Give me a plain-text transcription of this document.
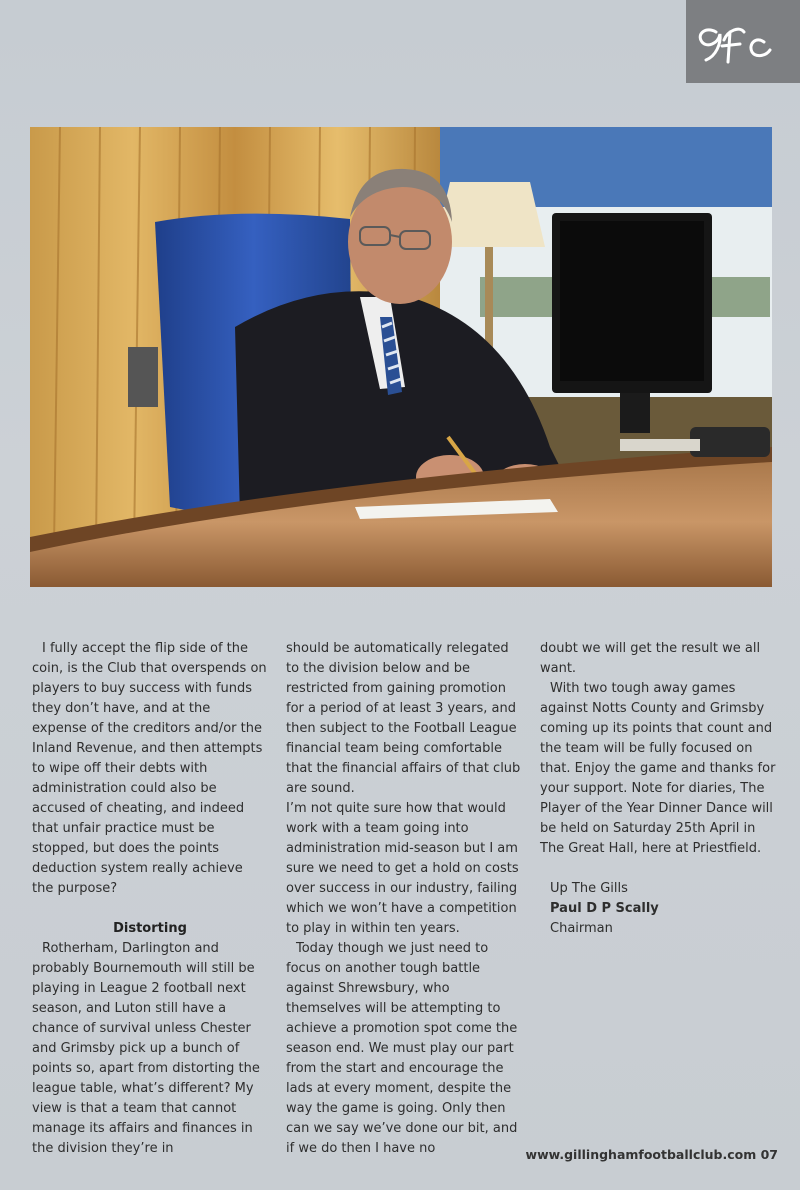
I fully accept the flip side of the coin, is the Club that overspends on players to buy success with funds they don’t have, and at the expense of the creditors and/or the Inland Revenue, and then attempts to wipe off their debts with administration could also be accused of cheating, and indeed that unfair practice must be stopped, but does the points deduction system really achieve the purpose?

Distorting

Rotherham, Darlington and probably Bournemouth will still be playing in League 2 football next season, and Luton still have a chance of survival unless Chester and Grimsby pick up a bunch of points so, apart from distorting the league table, what’s different? My view is that a team that cannot manage its affairs and finances in the division they’re in

should be automatically relegated to the division below and be restricted from gaining promotion for a period of at least 3 years, and then subject to the Football League financial team being comfortable that the financial affairs of that club are sound.

I’m not quite sure how that would work with a team going into administration mid-season but I am sure we need to get a hold on costs over success in our industry, failing which we won’t have a competition to play in within ten years.

Today though we just need to focus on another tough battle against Shrewsbury, who themselves will be attempting to achieve a promotion spot come the season end. We must play our part from the start and encourage the lads at every moment, despite the way the game is going. Only then can we say we’ve done our bit, and if we do then I have no

doubt we will get the result we all want.

With two tough away games against Notts County and Grimsby coming up its points that count and the team will be fully focused on that. Enjoy the game and thanks for your support. Note for diaries, The Player of the Year Dinner Dance will be held on Saturday 25th April in The Great Hall, here at Priestfield.

Up The Gills
Paul D P Scally
Chairman
www.gillinghamfootballclub.com 07
